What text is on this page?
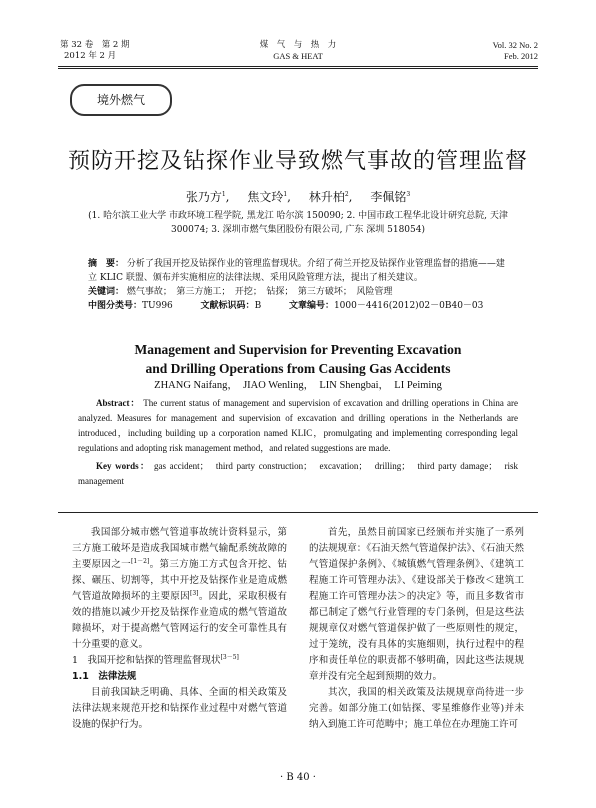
第 32 卷　第 2 期
2012 年 2 月
煤　气　与　热　力
GAS & HEAT
Vol. 32 No. 2
Feb. 2012
境外燃气
预防开挖及钻探作业导致燃气事故的管理监督
张乃方$^1$, 焦文玲$^1$, 林升柏$^2$, 李佩铭$^3$
(1. 哈尔滨工业大学 市政环境工程学院, 黑龙江 哈尔滨 150090; 2. 中国市政工程华北设计研究总院, 天津 300074; 3. 深圳市燃气集团股份有限公司, 广东 深圳 518054)
摘　要： 分析了我国开挖及钻探作业的管理监督现状。介绍了荷兰开挖及钻探作业管理监督的措施——建立 KLIC 联盟、颁布并实施相应的法律法规、采用风险管理方法，提出了相关建议。
关键词： 燃气事故；　第三方施工；　开挖；　钻探；　第三方破坏；　风险管理
中图分类号：TU996	文献标识码：B	文章编号：1000－4416(2012)02－0B40－03
Management and Supervision for Preventing Excavation
and Drilling Operations from Causing Gas Accidents
ZHANG Naifang，　JIAO Wenling，　LIN Shengbai，　LI Peiming
Abstract： The current status of management and supervision of excavation and drilling operations in China are analyzed. Measures for management and supervision of excavation and drilling operations in the Netherlands are introduced，including building up a corporation named KLIC，promulgating and implementing corresponding legal regulations and adopting risk management method，and related suggestions are made.
Key words： gas accident；　third party construction；　excavation；　drilling；　third party damage；　risk management

我国部分城市燃气管道事故统计资料显示，第三方施工破坏是造成我国城市燃气输配系统故障的主要原因之一[1－2]。第三方施工方式包含开挖、钻探、碾压、切割等，其中开挖及钻探作业是造成燃气管道故障损坏的主要原因[3]。因此，采取积极有效的措施以减少开挖及钻探作业造成的燃气管道故障损坏，对于提高燃气管网运行的安全可靠性具有十分重要的意义。

1　我国开挖和钻探的管理监督现状[3－5]

1.1　法律法规

目前我国缺乏明确、具体、全面的相关政策及法律法规来规范开挖和钻探作业过程中对燃气管道设施的保护行为。

首先，虽然目前国家已经颁布并实施了一系列的法规规章：《石油天然气管道保护法》、《石油天然气管道保护条例》、《城镇燃气管理条例》、《建筑工程施工许可管理办法》、《建设部关于修改＜建筑工程施工许可管理办法＞的决定》等，而且多数省市都已制定了燃气行业管理的专门条例，但是这些法规规章仅对燃气管道保护做了一些原则性的规定，过于笼统，没有具体的实施细则，执行过程中的程序和责任单位的职责都不够明确，因此这些法规规章并没有完全起到预期的效力。

其次，我国的相关政策及法规规章尚待进一步完善。如部分施工(如钻探、零星维修作业等)并未纳入到施工许可范畴中；施工单位在办理施工许可

· B 40 ·
